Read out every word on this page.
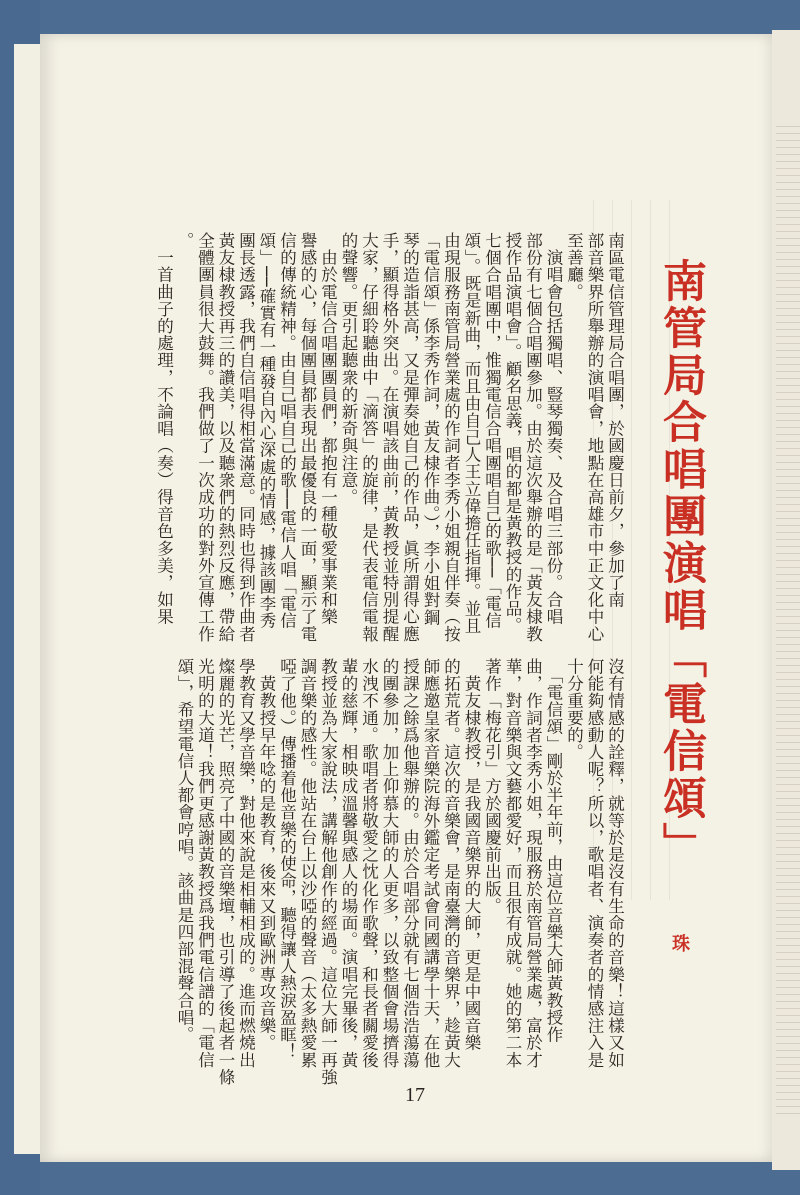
南管局合唱團演唱「電信頌」
珠
17
南區電信管理局合唱團，於國慶日前夕，參加了南
部音樂界所舉辦的演唱會，地點在高雄市中正文化中心
至善廳。
　演唱會包括獨唱、豎琴獨奏、及合唱三部份。合唱
部份有七個合唱團參加。由於這次舉辦的是「黃友棣教
授作品演唱會」。顧名思義，唱的都是黃教授的作品。
七個合唱團中，惟獨電信合唱團唱自己的歌──「電信
頌」。既是新曲，而且由自己人王立偉擔任指揮。並且
由現服務南管局營業處的作詞者李秀小姐親自伴奏（按
「電信頌」係李秀作詞，黃友棣作曲。），李小姐對鋼
琴的造詣甚高，又是彈奏她自己的作品，眞所謂得心應
手，顯得格外突出。在演唱該曲前，黃教授並特別提醒
大家，仔細聆聽曲中「滴答」的旋律，是代表電信電報
的聲響。更引起聽衆的新奇與注意。
　由於電信合唱團團員們，都抱有一種敬愛事業和樂
譽感的心，每個團員都表現出最優良的一面，顯示了電
信的傳統精神。由自己唱自己的歌──電信人唱「電信
頌」──確實有一種發自內心深處的情感，據該團李秀
團長透露，我們自信唱得相當滿意。同時也得到作曲者
黃友棣教授再三的讚美，以及聽衆們的熱烈反應，帶給
全體團員很大鼓舞。我們做了一次成功的對外宣傳工作
。
　一首曲子的處理，不論唱（奏）得音色多美，如果
沒有情感的詮釋，就等於是沒有生命的音樂！這樣又如
何能夠感動人呢？所以，歌唱者、演奏者的情感注入是
十分重要的。
　「電信頌」剛於半年前，由這位音樂大師黃教授作
曲，作詞者李秀小姐，現服務於南管局營業處，富於才
華，對音樂與文藝都愛好，而且很有成就。她的第二本
著作「梅花引」方於國慶前出版。
　黃友棣教授，是我國音樂界的大師，更是中國音樂
的拓荒者。這次的音樂會，是南臺灣的音樂界，趁黃大
師應邀皇家音樂院海外鑑定考試會同國講學十天，在他
授課之餘爲他舉辦的。由於合唱部分就有七個浩浩蕩蕩
的團參加，加上仰慕大師的人更多，以致整個會場擠得
水洩不通。歌唱者將敬愛之忱化作歌聲，和長者關愛後
輩的慈輝，相映成溫馨與感人的場面。演唱完畢後，黃
教授並為大家說法，講解他創作的經過。這位大師一再強
調音樂的感性。他站在台上以沙啞的聲音（太多熱愛累
啞了他。）傳播着他音樂的使命，聽得讓人熱淚盈眶！
　黃教授早年唸的是教育，後來又到歐洲專攻音樂。
學教育又學音樂，對他來說是相輔相成的。進而燃燒出
燦麗的光芒，照亮了中國的音樂壇，也引導了後起者一條
光明的大道！我們更感謝黃教授爲我們電信譜的「電信
頌」，希望電信人都會哼唱。該曲是四部混聲合唱。
